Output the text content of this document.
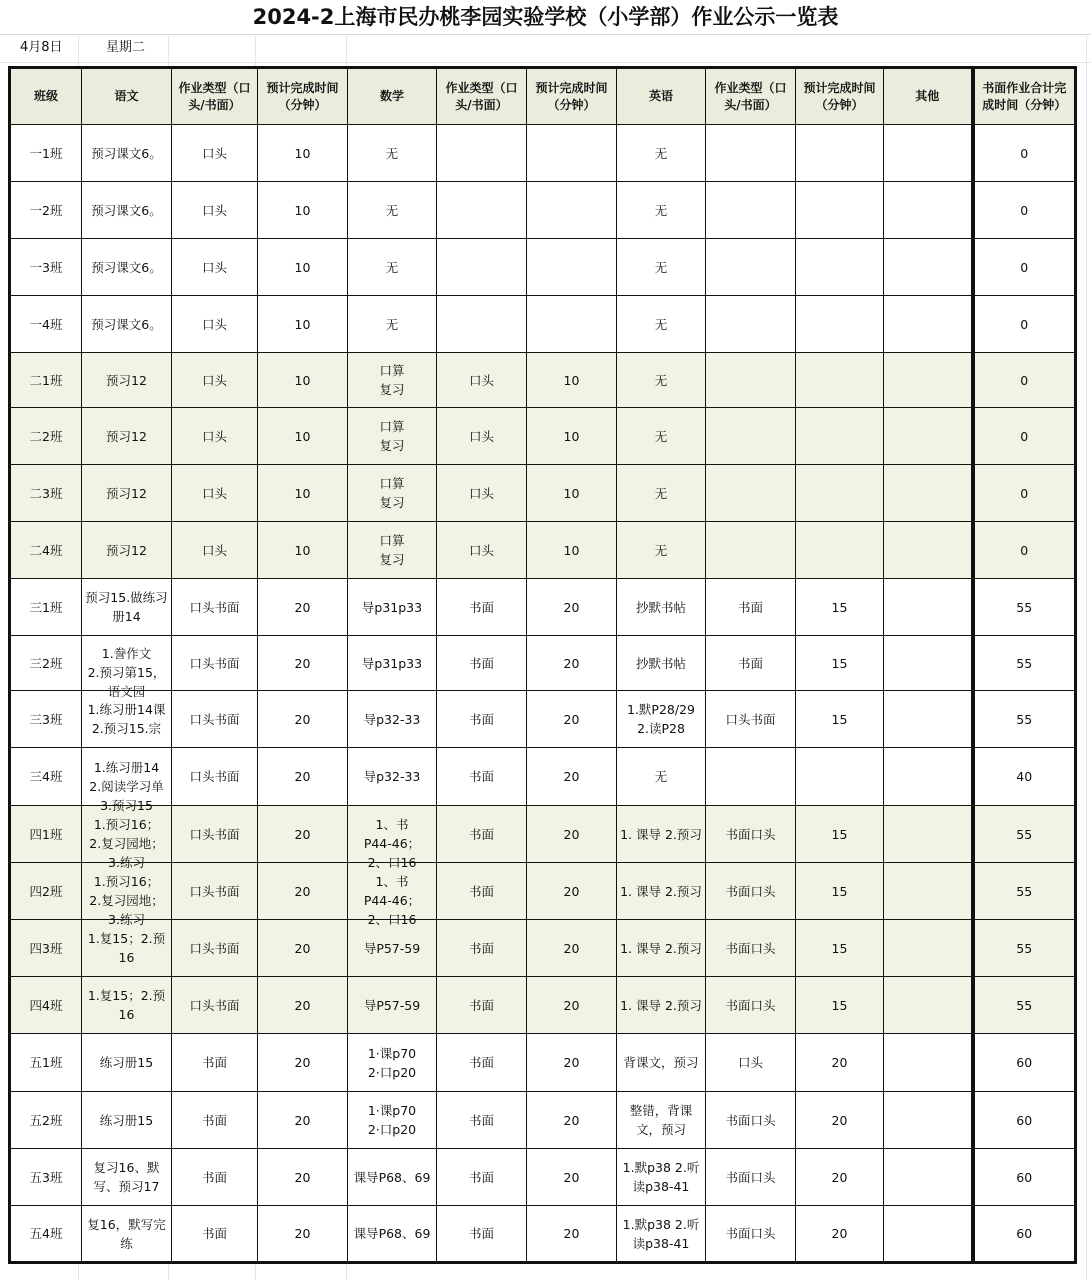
2024-2上海市民办桃李园实验学校（小学部）作业公示一览表
4月8日	星期二
班级	语文	作业类型（口头/书面）	预计完成时间（分钟）	数学	作业类型（口头/书面）	预计完成时间（分钟）	英语	作业类型（口头/书面）	预计完成时间（分钟）	其他	书面作业合计完成时间（分钟）

一1班	预习课文6。	口头	10	无			无				0

一2班	预习课文6。	口头	10	无			无				0

一3班	预习课文6。	口头	10	无			无				0

一4班	预习课文6。	口头	10	无			无				0

二1班	预习12	口头	10	口算
复习	口头	10	无				0

二2班	预习12	口头	10	口算
复习	口头	10	无				0

二3班	预习12	口头	10	口算
复习	口头	10	无				0

二4班	预习12	口头	10	口算
复习	口头	10	无				0

三1班	预习15.做练习册14	口头书面	20	导p31p33	书面	20	抄默书帖	书面	15		55

三2班	1.誊作文
2.预习第15，语文园	口头书面	20	导p31p33	书面	20	抄默书帖	书面	15		55

三3班	1.练习册14课
2.预习15.宗	口头书面	20	导p32-33	书面	20	1.默P28/29
2.读P28	口头书面	15		55

三4班	1.练习册14
2.阅读学习单 3.预习15	口头书面	20	导p32-33	书面	20	无				40

四1班	1.预习16；
2.复习园地；3.练习	口头书面	20	1、书
P44-46；
2、口16	书面	20	1. 课导 2.预习	书面口头	15		55

四2班	1.预习16；
2.复习园地；3.练习	口头书面	20	1、书
P44-46；
2、口16	书面	20	1. 课导 2.预习	书面口头	15		55

四3班	1.复15；2.预16	口头书面	20	导P57-59	书面	20	1. 课导 2.预习	书面口头	15		55

四4班	1.复15；2.预16	口头书面	20	导P57-59	书面	20	1. 课导 2.预习	书面口头	15		55

五1班	练习册15	书面	20	1·课p70
2·口p20	书面	20	背课文，预习	口头	20		60

五2班	练习册15	书面	20	1·课p70
2·口p20	书面	20	整错，背课文，预习	书面口头	20		60

五3班	复习16、默写、预习17	书面	20	课导P68、69	书面	20	1.默p38 2.听读p38-41	书面口头	20		60

五4班	复16，默写完练	书面	20	课导P68、69	书面	20	1.默p38 2.听读p38-41	书面口头	20		60
